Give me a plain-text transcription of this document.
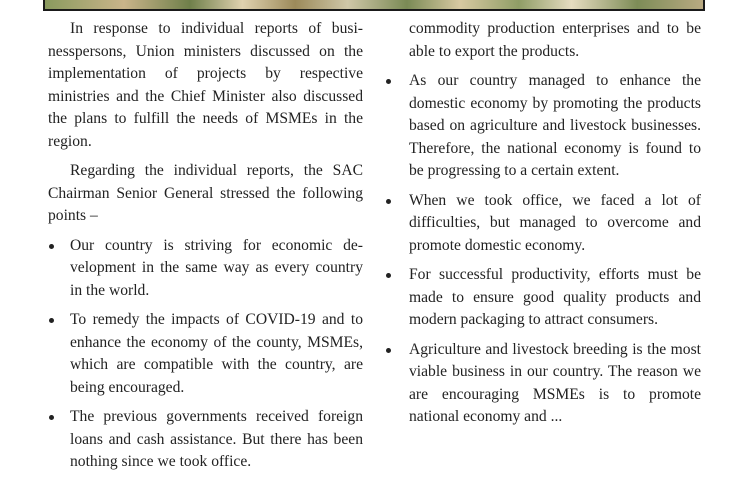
In response to individual reports of businesspersons, Union ministers discussed on the implementation of projects by respective ministries and the Chief Minister also discussed the plans to fulfill the needs of MSMEs in the region.

Regarding the individual reports, the SAC Chairman Senior General stressed the following points –

Our country is striving for economic development in the same way as every country in the world.
To remedy the impacts of COVID-19 and to enhance the economy of the county, MSMEs, which are compatible with the country, are being encouraged.
The previous governments received foreign loans and cash assistance. But there has been nothing since we took office.

commodity production enterprises and to be able to export the products.

As our country managed to enhance the domestic economy by promoting the products based on agriculture and livestock businesses. Therefore, the national economy is found to be progressing to a certain extent.
When we took office, we faced a lot of difficulties, but managed to overcome and promote domestic economy.
For successful productivity, efforts must be made to ensure good quality products and modern packaging to attract consumers.
Agriculture and livestock breeding is the most viable business in our country. The reason we are encouraging MSMEs is to promote national economy and ...
